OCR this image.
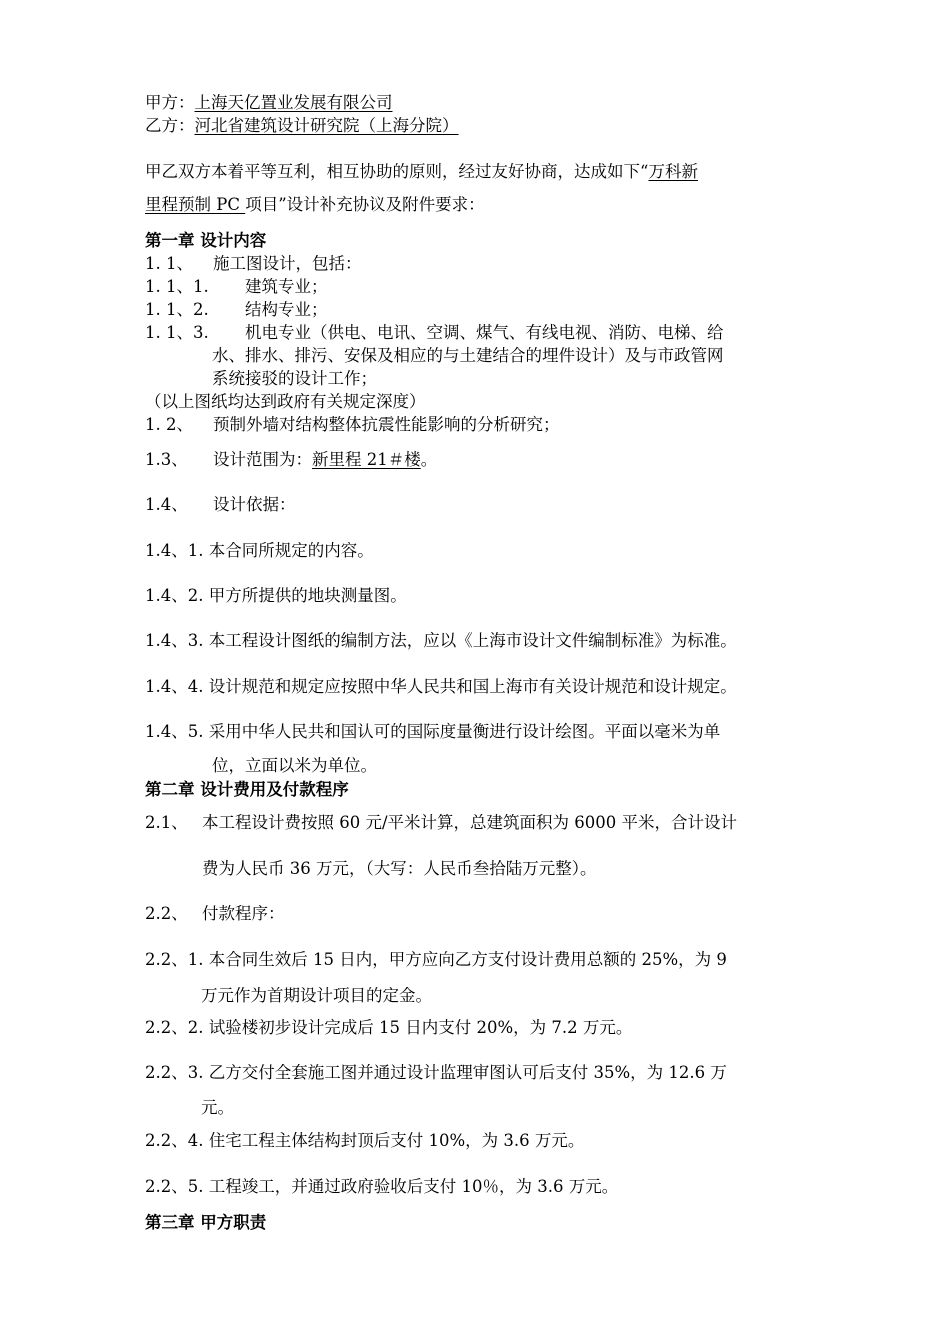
甲方：上海天亿置业发展有限公司
乙方：河北省建筑设计研究院（上海分院）
甲乙双方本着平等互利，相互协助的原则，经过友好协商，达成如下“万科新
里程预制 PC 项目”设计补充协议及附件要求：
第一章 设计内容
1. 1、 施工图设计，包括：
1. 1、1. 建筑专业；
1. 1、2. 结构专业；
1. 1、3. 机电专业（供电、电讯、空调、煤气、有线电视、消防、电梯、给
水、排水、排污、安保及相应的与土建结合的埋件设计）及与市政管网
系统接驳的设计工作；
（以上图纸均达到政府有关规定深度）
1. 2、 预制外墙对结构整体抗震性能影响的分析研究；
1.3、 设计范围为：新里程 21＃楼。
1.4、 设计依据：
1.4、1. 本合同所规定的内容。
1.4、2. 甲方所提供的地块测量图。
1.4、3. 本工程设计图纸的编制方法，应以《上海市设计文件编制标准》为标准。
1.4、4. 设计规范和规定应按照中华人民共和国上海市有关设计规范和设计规定。
1.4、5. 采用中华人民共和国认可的国际度量衡进行设计绘图。平面以毫米为单
位，立面以米为单位。
第二章 设计费用及付款程序
2.1、 本工程设计费按照 60 元/平米计算，总建筑面积为 6000 平米，合计设计
费为人民币 36 万元，（大写：人民币叁拾陆万元整）。
2.2、 付款程序：
2.2、1. 本合同生效后 15 日内，甲方应向乙方支付设计费用总额的 25%，为 9
万元作为首期设计项目的定金。
2.2、2. 试验楼初步设计完成后 15 日内支付 20%，为 7.2 万元。
2.2、3. 乙方交付全套施工图并通过设计监理审图认可后支付 35%，为 12.6 万
元。
2.2、4. 住宅工程主体结构封顶后支付 10%，为 3.6 万元。
2.2、5. 工程竣工，并通过政府验收后支付 10％，为 3.6 万元。
第三章 甲方职责
